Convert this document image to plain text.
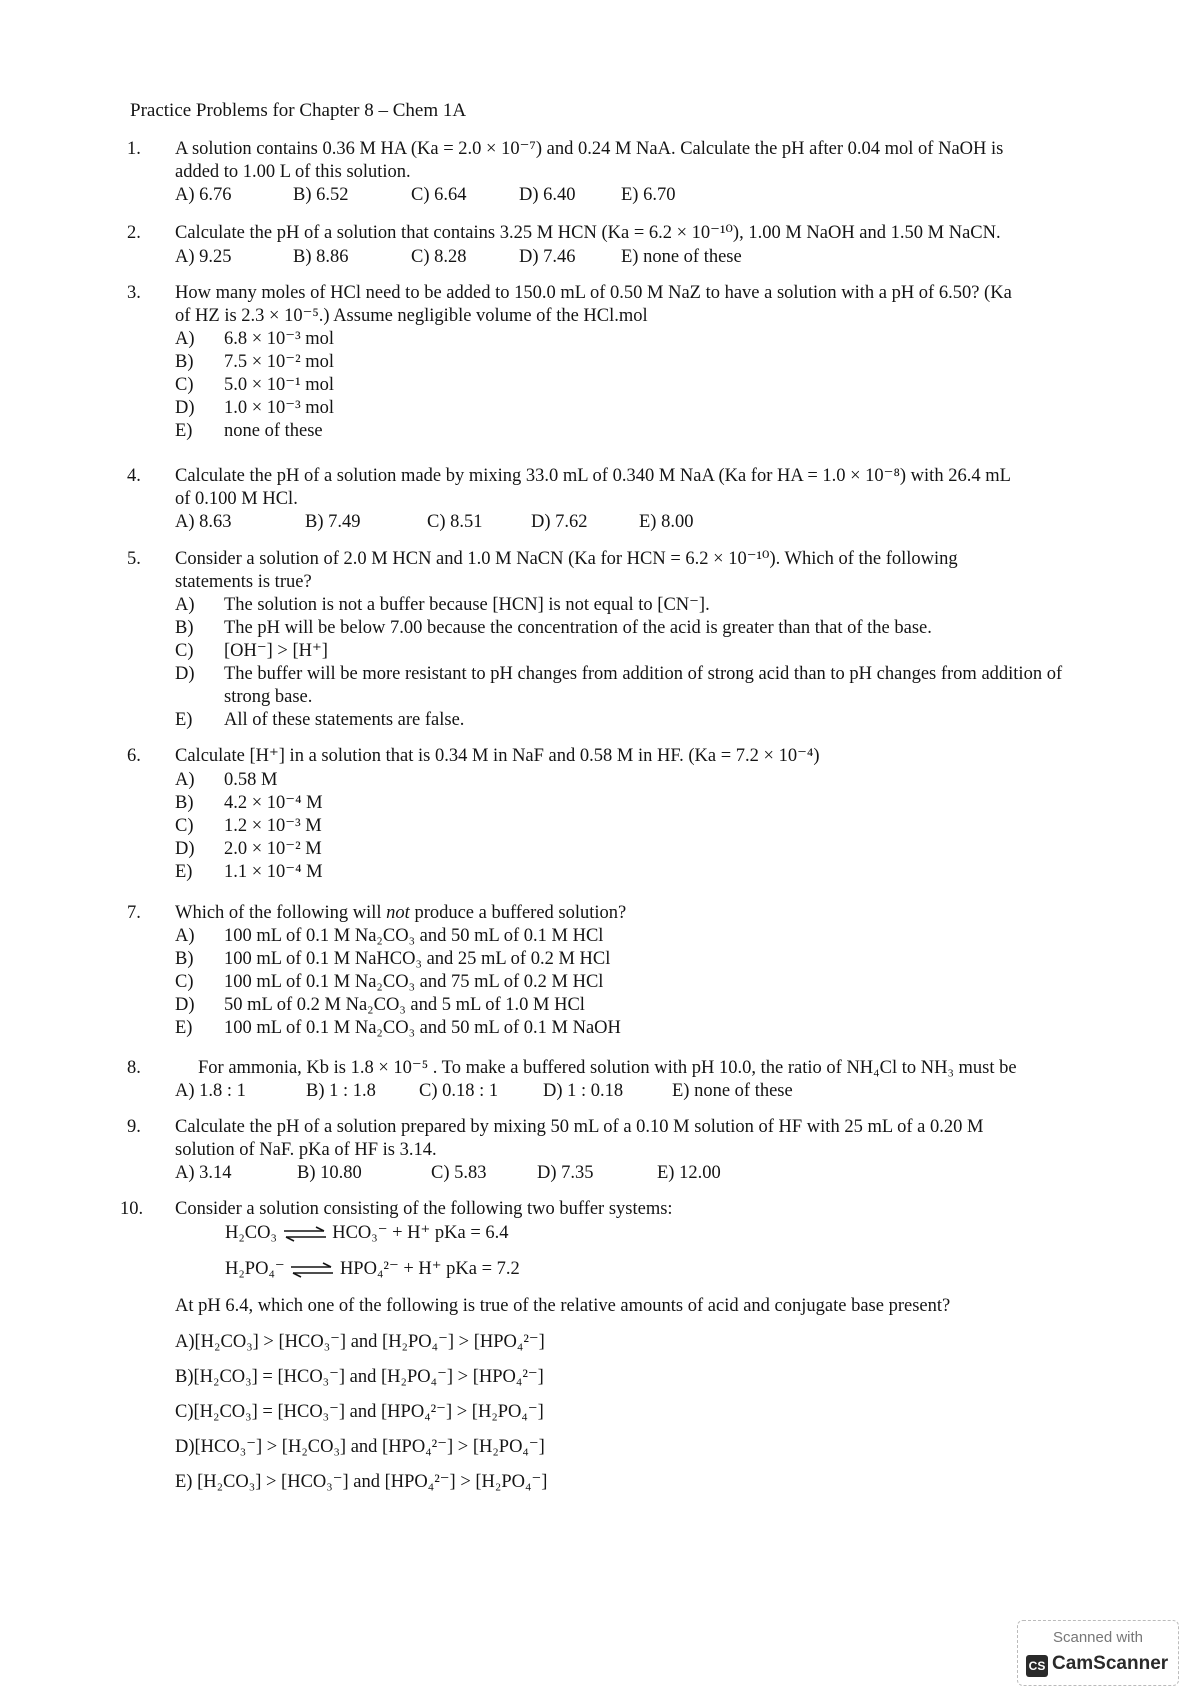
Practice Problems for Chapter 8 – Chem 1A
1.	A solution contains 0.36 M HA (Ka = 2.0 × 10⁻⁷) and 0.24 M NaA. Calculate the pH after 0.04 mol of NaOH is
added to 1.00 L of this solution.
A) 6.76	B) 6.52	C) 6.64	D) 6.40 E) 6.70
2.	Calculate the pH of a solution that contains 3.25 M HCN (Ka = 6.2 × 10⁻¹⁰), 1.00 M NaOH and 1.50 M NaCN.
A) 9.25	B) 8.86	C) 8.28	D) 7.46 E) none of these
3.	How many moles of HCl need to be added to 150.0 mL of 0.50 M NaZ to have a solution with a pH of 6.50? (Ka
of HZ is 2.3 × 10⁻⁵.) Assume negligible volume of the HCl.mol
A) 6.8 × 10⁻³ mol
B) 7.5 × 10⁻² mol
C) 5.0 × 10⁻¹ mol
D) 1.0 × 10⁻³ mol
E) none of these
4.	Calculate the pH of a solution made by mixing 33.0 mL of 0.340 M NaA (Ka for HA = 1.0 × 10⁻⁸) with 26.4 mL
of 0.100 M HCl.
A) 8.63	B) 7.49	C) 8.51	D) 7.62	E) 8.00
5.	Consider a solution of 2.0 M HCN and 1.0 M NaCN (Ka for HCN = 6.2 × 10⁻¹⁰). Which of the following
statements is true?
A) The solution is not a buffer because [HCN] is not equal to [CN⁻].
B) The pH will be below 7.00 because the concentration of the acid is greater than that of the base.
C) [OH⁻] > [H⁺]
D) The buffer will be more resistant to pH changes from addition of strong acid than to pH changes from addition of strong base.
E) All of these statements are false.
6.	Calculate [H⁺] in a solution that is 0.34 M in NaF and 0.58 M in HF. (Ka = 7.2 × 10⁻⁴)
A) 0.58 M
B) 4.2 × 10⁻⁴ M
C) 1.2 × 10⁻³ M
D) 2.0 × 10⁻² M
E) 1.1 × 10⁻⁴ M
7.	Which of the following will not produce a buffered solution?
A) 100 mL of 0.1 M Na₂CO₃ and 50 mL of 0.1 M HCl
B) 100 mL of 0.1 M NaHCO₃ and 25 mL of 0.2 M HCl
C) 100 mL of 0.1 M Na₂CO₃ and 75 mL of 0.2 M HCl
D) 50 mL of 0.2 M Na₂CO₃ and 5 mL of 1.0 M HCl
E) 100 mL of 0.1 M Na₂CO₃ and 50 mL of 0.1 M NaOH
8.	For ammonia, Kb is 1.8 × 10⁻⁵ . To make a buffered solution with pH 10.0, the ratio of NH₄Cl to NH₃ must be
A) 1.8 : 1	B) 1 : 1.8 C) 0.18 : 1 D) 1 : 0.18	E) none of these
9.	Calculate the pH of a solution prepared by mixing 50 mL of a 0.10 M solution of HF with 25 mL of a 0.20 M
solution of NaF. pKa of HF is 3.14.
A) 3.14	B) 10.80	C) 5.83	D) 7.35	E) 12.00
10.	Consider a solution consisting of the following two buffer systems:
H₂CO₃ ⇌ HCO₃⁻ + H⁺ pKa = 6.4
H₂PO₄⁻ ⇌ HPO₄²⁻ + H⁺ pKa = 7.2
At pH 6.4, which one of the following is true of the relative amounts of acid and conjugate base present?
A)[H₂CO₃] > [HCO₃⁻] and [H₂PO₄⁻] > [HPO₄²⁻]
B)[H₂CO₃] = [HCO₃⁻] and [H₂PO₄⁻] > [HPO₄²⁻]
C)[H₂CO₃] = [HCO₃⁻] and [HPO₄²⁻] > [H₂PO₄⁻]
D)[HCO₃⁻] > [H₂CO₃] and [HPO₄²⁻] > [H₂PO₄⁻]
E) [H₂CO₃] > [HCO₃⁻] and [HPO₄²⁻] > [H₂PO₄⁻]
Scanned with
CS CamScanner
